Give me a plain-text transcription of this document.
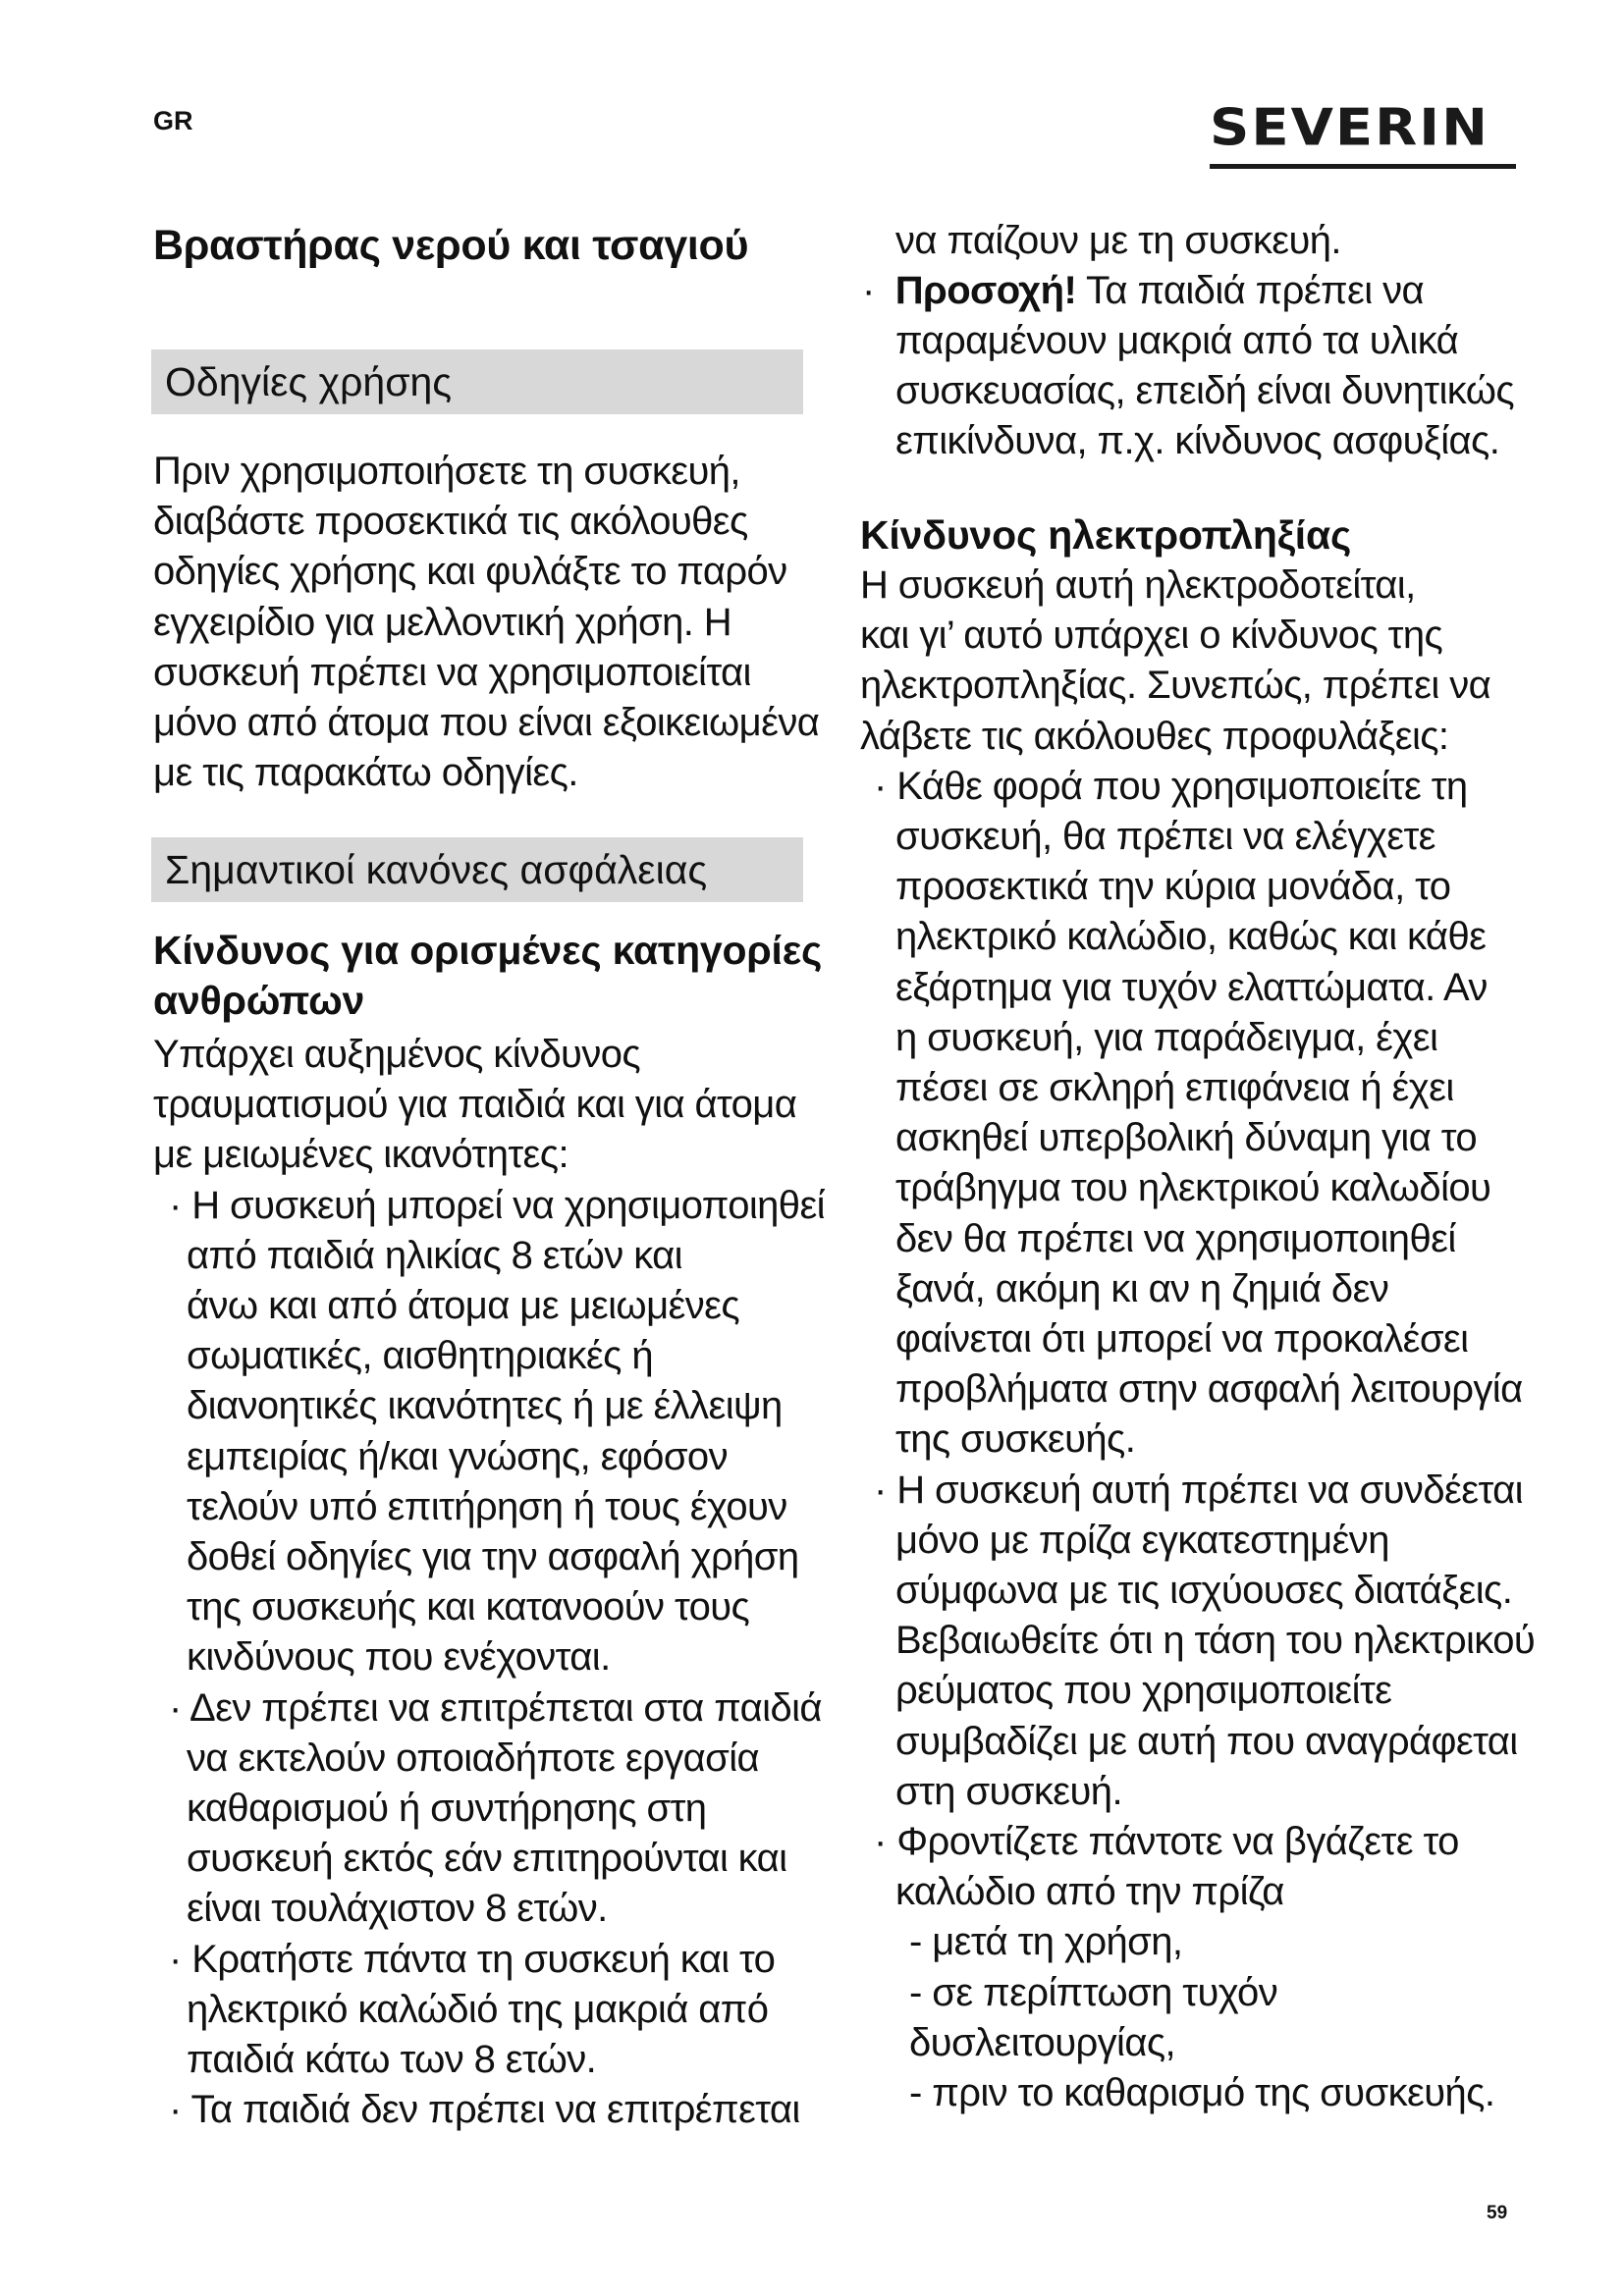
GR	SEVERIN
Βραστήρας νερού και τσαγιού
Οδηγίες χρήσης
Πριν χρησιμοποιήσετε τη συσκευή,
διαβάστε προσεκτικά τις ακόλουθες
οδηγίες χρήσης και φυλάξτε το παρόν
εγχειρίδιο για μελλοντική χρήση. Η
συσκευή πρέπει να χρησιμοποιείται
μόνο από άτομα που είναι εξοικειωμένα
με τις παρακάτω οδηγίες.
Σημαντικοί κανόνες ασφάλειας
Κίνδυνος για ορισμένες κατηγορίες
ανθρώπων
Υπάρχει αυξημένος κίνδυνος
τραυματισμού για παιδιά και για άτομα
με μειωμένες ικανότητες:
· Η συσκευή μπορεί να χρησιμοποιηθεί
από παιδιά ηλικίας 8 ετών και
άνω και από άτομα με μειωμένες
σωματικές, αισθητηριακές ή
διανοητικές ικανότητες ή με έλλειψη
εμπειρίας ή/και γνώσης, εφόσον
τελούν υπό επιτήρηση ή τους έχουν
δοθεί οδηγίες για την ασφαλή χρήση
της συσκευής και κατανοούν τους
κινδύνους που ενέχονται.
· Δεν πρέπει να επιτρέπεται στα παιδιά
να εκτελούν οποιαδήποτε εργασία
καθαρισμού ή συντήρησης στη
συσκευή εκτός εάν επιτηρούνται και
είναι τουλάχιστον 8 ετών.
· Κρατήστε πάντα τη συσκευή και το
ηλεκτρικό καλώδιό της μακριά από
παιδιά κάτω των 8 ετών.
· Τα παιδιά δεν πρέπει να επιτρέπεται
να παίζουν με τη συσκευή.
· Προσοχή! Τα παιδιά πρέπει να
παραμένουν μακριά από τα υλικά
συσκευασίας, επειδή είναι δυνητικώς
επικίνδυνα, π.χ. κίνδυνος ασφυξίας.
Κίνδυνος ηλεκτροπληξίας
Η συσκευή αυτή ηλεκτροδοτείται,
και γι’ αυτό υπάρχει ο κίνδυνος της
ηλεκτροπληξίας. Συνεπώς, πρέπει να
λάβετε τις ακόλουθες προφυλάξεις:
· Κάθε φορά που χρησιμοποιείτε τη
συσκευή, θα πρέπει να ελέγχετε
προσεκτικά την κύρια μονάδα, το
ηλεκτρικό καλώδιο, καθώς και κάθε
εξάρτημα για τυχόν ελαττώματα. Αν
η συσκευή, για παράδειγμα, έχει
πέσει σε σκληρή επιφάνεια ή έχει
ασκηθεί υπερβολική δύναμη για το
τράβηγμα του ηλεκτρικού καλωδίου
δεν θα πρέπει να χρησιμοποιηθεί
ξανά, ακόμη κι αν η ζημιά δεν
φαίνεται ότι μπορεί να προκαλέσει
προβλήματα στην ασφαλή λειτουργία
της συσκευής.
· Η συσκευή αυτή πρέπει να συνδέεται
μόνο με πρίζα εγκατεστημένη
σύμφωνα με τις ισχύουσες διατάξεις.
Βεβαιωθείτε ότι η τάση του ηλεκτρικού
ρεύματος που χρησιμοποιείτε
συμβαδίζει με αυτή που αναγράφεται
στη συσκευή.
· Φροντίζετε πάντοτε να βγάζετε το
καλώδιο από την πρίζα
- μετά τη χρήση,
- σε περίπτωση τυχόν
δυσλειτουργίας,
- πριν το καθαρισμό της συσκευής.
59
